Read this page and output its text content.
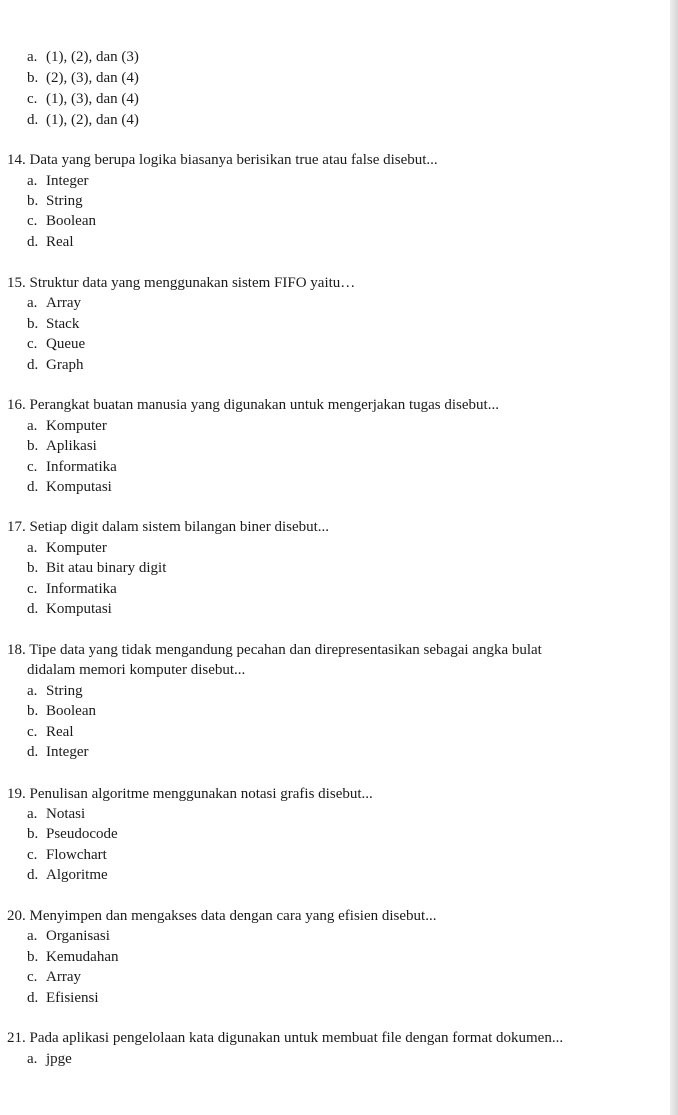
a. (1), (2), dan (3)
b. (2), (3), dan (4)
c. (1), (3), dan (4)
d. (1), (2), dan (4)
14. Data yang berupa logika biasanya berisikan true atau false disebut...
a. Integer
b. String
c. Boolean
d. Real
15. Struktur data yang menggunakan sistem FIFO yaitu…
a. Array
b. Stack
c. Queue
d. Graph
16. Perangkat buatan manusia yang digunakan untuk mengerjakan tugas disebut...
a. Komputer
b. Aplikasi
c. Informatika
d. Komputasi
17. Setiap digit dalam sistem bilangan biner disebut...
a. Komputer
b. Bit atau binary digit
c. Informatika
d. Komputasi
18. Tipe data yang tidak mengandung pecahan dan direpresentasikan sebagai angka bulat
didalam memori komputer disebut...
a. String
b. Boolean
c. Real
d. Integer
19. Penulisan algoritme menggunakan notasi grafis disebut...
a. Notasi
b. Pseudocode
c. Flowchart
d. Algoritme
20. Menyimpen dan mengakses data dengan cara yang efisien disebut...
a. Organisasi
b. Kemudahan
c. Array
d. Efisiensi
21. Pada aplikasi pengelolaan kata digunakan untuk membuat file dengan format dokumen...
a. jpge
